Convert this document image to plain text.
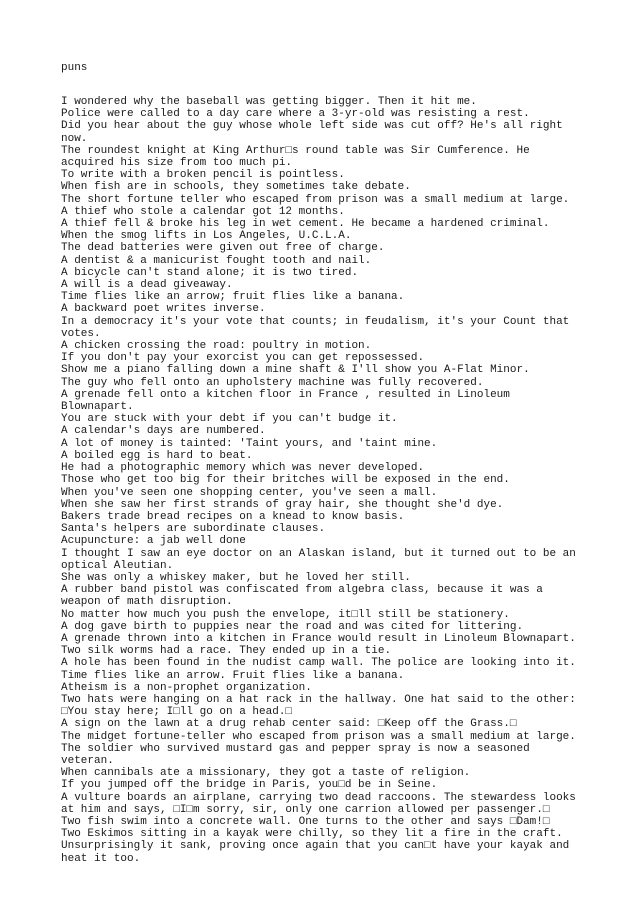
puns
I wondered why the baseball was getting bigger. Then it hit me.
Police were called to a day care where a 3-yr-old was resisting a rest.
Did you hear about the guy whose whole left side was cut off? He's all right now.
The roundest knight at King Arthur□s round table was Sir Cumference. He acquired his size from too much pi.
To write with a broken pencil is pointless.
When fish are in schools, they sometimes take debate.
The short fortune teller who escaped from prison was a small medium at large.
A thief who stole a calendar got 12 months.
A thief fell & broke his leg in wet cement. He became a hardened criminal.
When the smog lifts in Los Angeles, U.C.L.A.
The dead batteries were given out free of charge.
A dentist & a manicurist fought tooth and nail.
A bicycle can't stand alone; it is two tired.
A will is a dead giveaway.
Time flies like an arrow; fruit flies like a banana.
A backward poet writes inverse.
In a democracy it's your vote that counts; in feudalism, it's your Count that votes.
A chicken crossing the road: poultry in motion.
If you don't pay your exorcist you can get repossessed.
Show me a piano falling down a mine shaft & I'll show you A-Flat Minor.
The guy who fell onto an upholstery machine was fully recovered.
A grenade fell onto a kitchen floor in France , resulted in Linoleum Blownapart.
You are stuck with your debt if you can't budge it.
A calendar's days are numbered.
A lot of money is tainted: 'Taint yours, and 'taint mine.
A boiled egg is hard to beat.
He had a photographic memory which was never developed.
Those who get too big for their britches will be exposed in the end.
When you've seen one shopping center, you've seen a mall.
When she saw her first strands of gray hair, she thought she'd dye.
Bakers trade bread recipes on a knead to know basis.
Santa's helpers are subordinate clauses.
Acupuncture: a jab well done
I thought I saw an eye doctor on an Alaskan island, but it turned out to be an optical Aleutian.
She was only a whiskey maker, but he loved her still.
A rubber band pistol was confiscated from algebra class, because it was a weapon of math disruption.
No matter how much you push the envelope, it□ll still be stationery.
A dog gave birth to puppies near the road and was cited for littering.
A grenade thrown into a kitchen in France would result in Linoleum Blownapart.
Two silk worms had a race. They ended up in a tie.
A hole has been found in the nudist camp wall. The police are looking into it.
Time flies like an arrow. Fruit flies like a banana.
Atheism is a non-prophet organization.
Two hats were hanging on a hat rack in the hallway. One hat said to the other: □You stay here; I□ll go on a head.□
A sign on the lawn at a drug rehab center said: □Keep off the Grass.□
The midget fortune-teller who escaped from prison was a small medium at large.
The soldier who survived mustard gas and pepper spray is now a seasoned veteran.
When cannibals ate a missionary, they got a taste of religion.
If you jumped off the bridge in Paris, you□d be in Seine.
A vulture boards an airplane, carrying two dead raccoons. The stewardess looks at him and says, □I□m sorry, sir, only one carrion allowed per passenger.□
Two fish swim into a concrete wall. One turns to the other and says □Dam!□
Two Eskimos sitting in a kayak were chilly, so they lit a fire in the craft. Unsurprisingly it sank, proving once again that you can□t have your kayak and heat it too.
